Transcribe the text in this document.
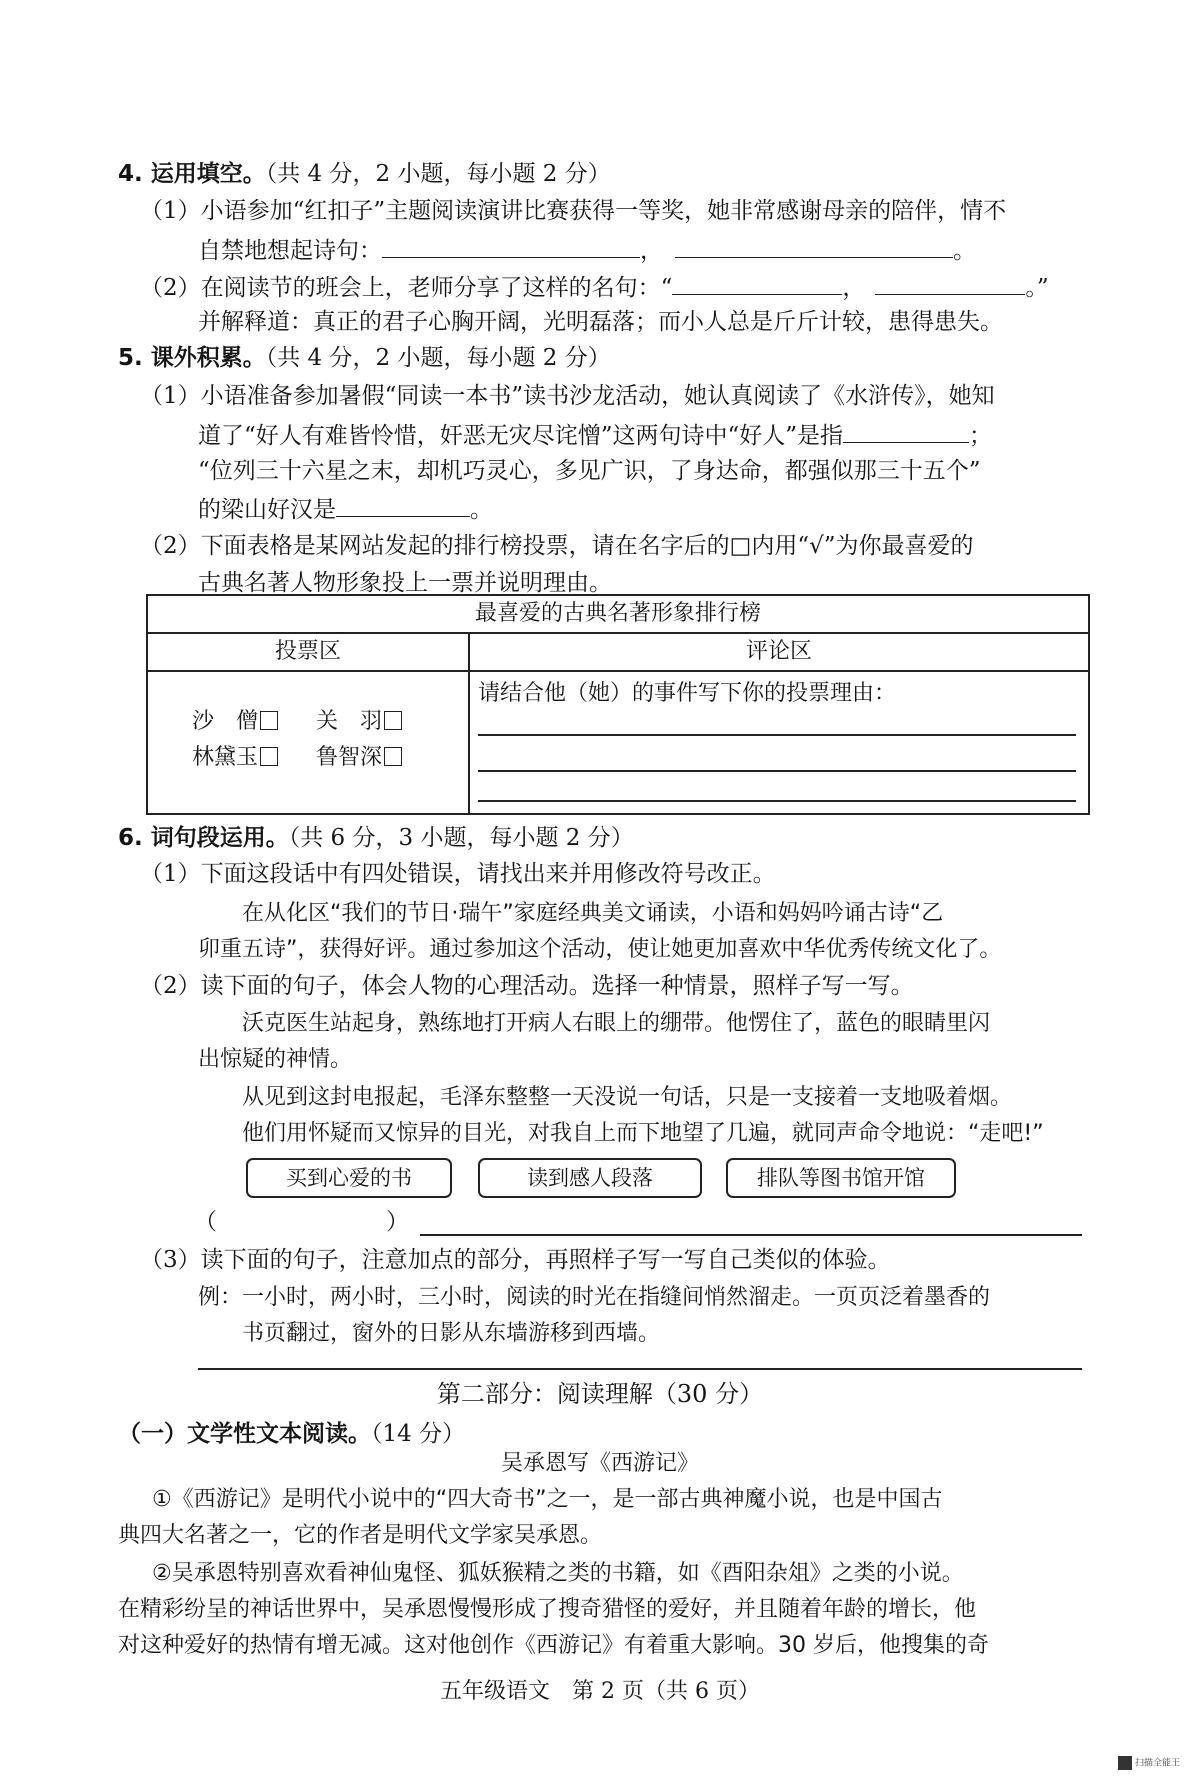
4. 运用填空。（共 4 分，2 小题，每小题 2 分）
（1）小语参加“红扣子”主题阅读演讲比赛获得一等奖，她非常感谢母亲的陪伴，情不
自禁地想起诗句：	，	。
（2）在阅读节的班会上，老师分享了这样的名句：“	，	。”
并解释道：真正的君子心胸开阔，光明磊落；而小人总是斤斤计较，患得患失。
5. 课外积累。（共 4 分，2 小题，每小题 2 分）
（1）小语准备参加暑假“同读一本书”读书沙龙活动，她认真阅读了《水浒传》，她知
道了“好人有难皆怜惜，奸恶无灾尽诧憎”这两句诗中“好人”是指	；
“位列三十六星之末，却机巧灵心，多见广识，了身达命，都强似那三十五个”
的梁山好汉是	。
（2）下面表格是某网站发起的排行榜投票，请在名字后的□内用“√”为你最喜爱的
古典名著人物形象投上一票并说明理由。
最喜爱的古典名著形象排行榜
投票区	评论区
沙　僧	关　羽
林黛玉	鲁智深
请结合他（她）的事件写下你的投票理由：
6. 词句段运用。（共 6 分，3 小题，每小题 2 分）
（1）下面这段话中有四处错误，请找出来并用修改符号改正。
在从化区“我们的节日·瑞午”家庭经典美文诵读，小语和妈妈吟诵古诗“乙
卯重五诗”，获得好评。通过参加这个活动，使让她更加喜欢中华优秀传统文化了。
（2）读下面的句子，体会人物的心理活动。选择一种情景，照样子写一写。
沃克医生站起身，熟练地打开病人右眼上的绷带。他愣住了，蓝色的眼睛里闪
出惊疑的神情。
从见到这封电报起，毛泽东整整一天没说一句话，只是一支接着一支地吸着烟。
他们用怀疑而又惊异的目光，对我自上而下地望了几遍，就同声命令地说：“走吧!”
买到心爱的书	读到感人段落	排队等图书馆开馆
（	）
（3）读下面的句子，注意加点的部分，再照样子写一写自己类似的体验。
例：一小时，两小时，三小时，阅读的时光在指缝间悄然溜走。一页页泛着墨香的
书页翻过，窗外的日影从东墙游移到西墙。
第二部分：阅读理解（30 分）
（一）文学性文本阅读。（14 分）
吴承恩写《西游记》
①《西游记》是明代小说中的“四大奇书”之一，是一部古典神魔小说，也是中国古
典四大名著之一，它的作者是明代文学家吴承恩。
②吴承恩特别喜欢看神仙鬼怪、狐妖猴精之类的书籍，如《酉阳杂俎》之类的小说。
在精彩纷呈的神话世界中，吴承恩慢慢形成了搜奇猎怪的爱好，并且随着年龄的增长，他
对这种爱好的热情有增无减。这对他创作《西游记》有着重大影响。30 岁后，他搜集的奇
五年级语文　第 2 页（共 6 页）
扫描全能王
